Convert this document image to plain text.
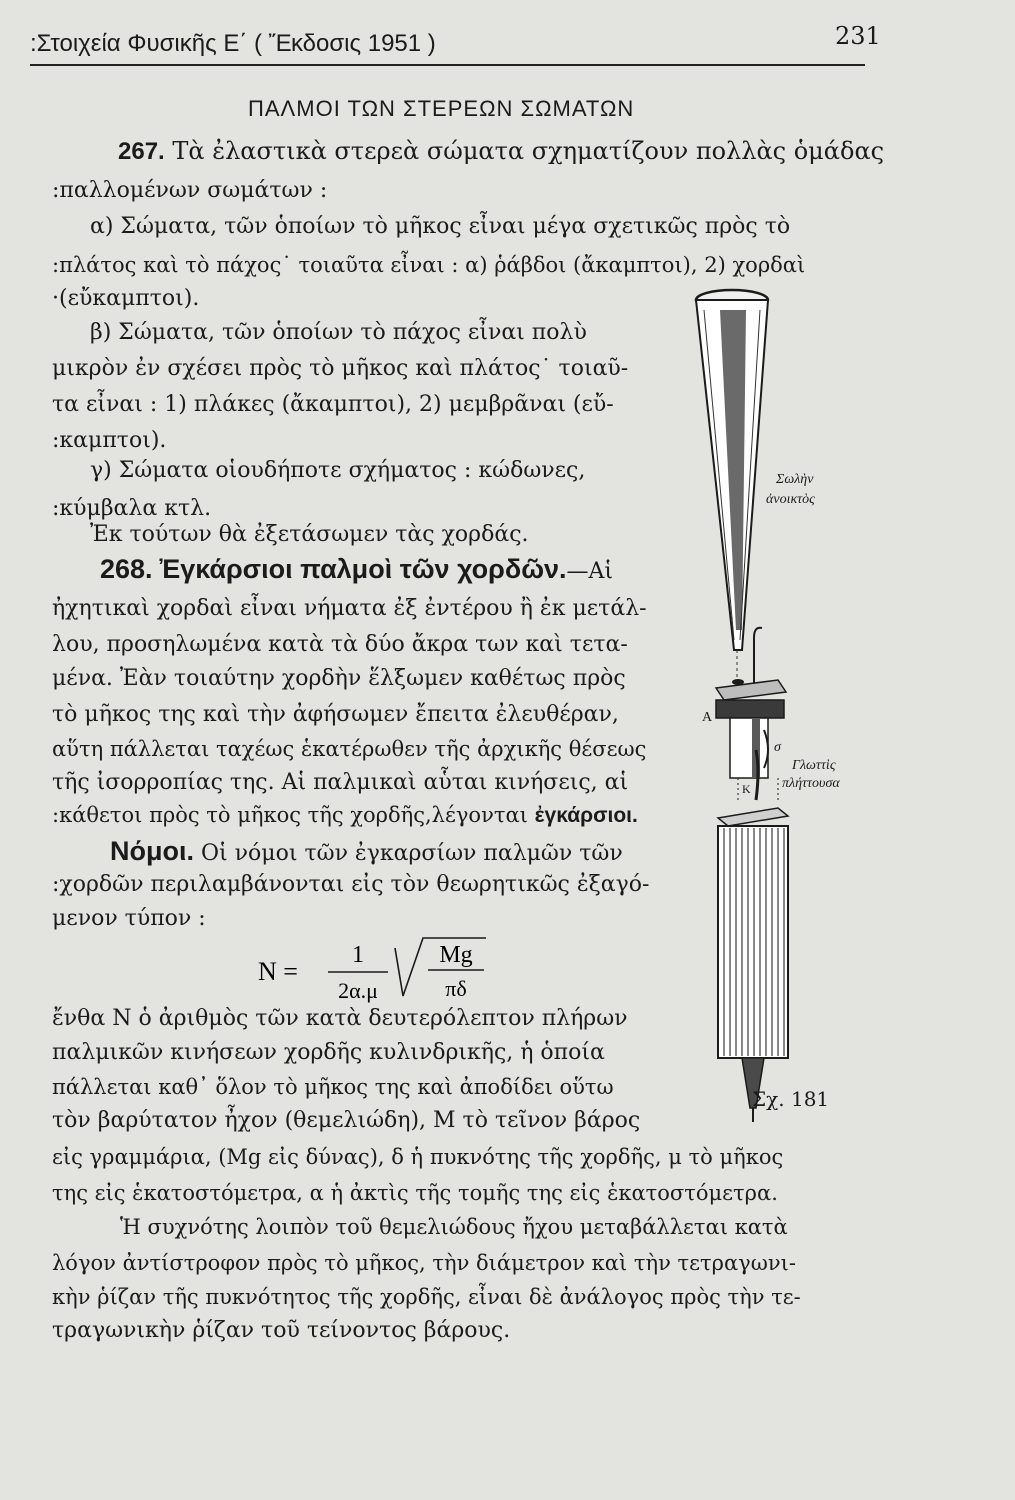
:Στοιχεία Φυσικῆς Ε΄ ( Ἔκδοσις 1951 )	231
ΠΑΛΜΟΙ ΤΩΝ ΣΤΕΡΕΩΝ ΣΩΜΑΤΩΝ
267. Τὰ ἐλαστικὰ στερεὰ σώματα σχηματίζουν πολλὰς ὁμάδας
:παλλομένων σωμάτων :
α) Σώματα, τῶν ὁποίων τὸ μῆκος εἶναι μέγα σχετικῶς πρὸς τὸ
:πλάτος καὶ τὸ πάχος˙ τοιαῦτα εἶναι : α) ῥάβδοι (ἄκαμπτοι), 2) χορδαὶ
·(εὔκαμπτοι).
β) Σώματα, τῶν ὁποίων τὸ πάχος εἶναι πολὺ
μικρὸν ἐν σχέσει πρὸς τὸ μῆκος καὶ πλάτος˙ τοιαῦ-
τα εἶναι : 1) πλάκες (ἄκαμπτοι), 2) μεμβρᾶναι (εὔ-
:καμπτοι).
γ) Σώματα οἱουδήποτε σχήματος : κώδωνες,
:κύμβαλα κτλ.
Ἐκ τούτων θὰ ἐξετάσωμεν τὰς χορδάς.
268. Ἐγκάρσιοι παλμοὶ τῶν χορδῶν.—Αἱ
ἠχητικαὶ χορδαὶ εἶναι νήματα ἐξ ἐντέρου ἢ ἐκ μετάλ-
λου, προσηλωμένα κατὰ τὰ δύο ἄκρα των καὶ τετα-
μένα. Ἐὰν τοιαύτην χορδὴν ἕλξωμεν καθέτως πρὸς
τὸ μῆκος της καὶ τὴν ἀφήσωμεν ἔπειτα ἐλευθέραν,
αὕτη πάλλεται ταχέως ἑκατέρωθεν τῆς ἀρχικῆς θέσεως
τῆς ἰσορροπίας της. Αἱ παλμικαὶ αὗται κινήσεις, αἱ
:κάθετοι πρὸς τὸ μῆκος τῆς χορδῆς,λέγονται ἐγκάρσιοι.
Νόμοι. Οἱ νόμοι τῶν ἐγκαρσίων παλμῶν τῶν
:χορδῶν περιλαμβάνονται εἰς τὸν θεωρητικῶς ἐξαγό-
μενον τύπον :
N =
1
2α.μ
Mg
πδ
ἔνθα Ν ὁ ἀριθμὸς τῶν κατὰ δευτερόλεπτον πλήρων
παλμικῶν κινήσεων χορδῆς κυλινδρικῆς, ἡ ὁποία
πάλλεται καθ᾿ ὅλον τὸ μῆκος της καὶ ἀποδίδει οὕτω
τὸν βαρύτατον ἦχον (θεμελιώδη), Μ τὸ τεῖνον βάρος
εἰς γραμμάρια, (Mg εἰς δύνας), δ ἡ πυκνότης τῆς χορδῆς, μ τὸ μῆκος
της εἰς ἑκατοστόμετρα, α ἡ ἀκτὶς τῆς τομῆς της εἰς ἑκατοστόμετρα.
Ἡ συχνότης λοιπὸν τοῦ θεμελιώδους ἤχου μεταβάλλεται κατὰ
λόγον ἀντίστροφον πρὸς τὸ μῆκος, τὴν διάμετρον καὶ τὴν τετραγωνι-
κὴν ῥίζαν τῆς πυκνότητος τῆς χορδῆς, εἶναι δὲ ἀνάλογος πρὸς τὴν τε-
τραγωνικὴν ῥίζαν τοῦ τείνοντος βάρους.
Σωλὴν
ἀνοικτὸς
A
σ
K
Γλωττὶς
πλήττουσα
Σχ. 181
